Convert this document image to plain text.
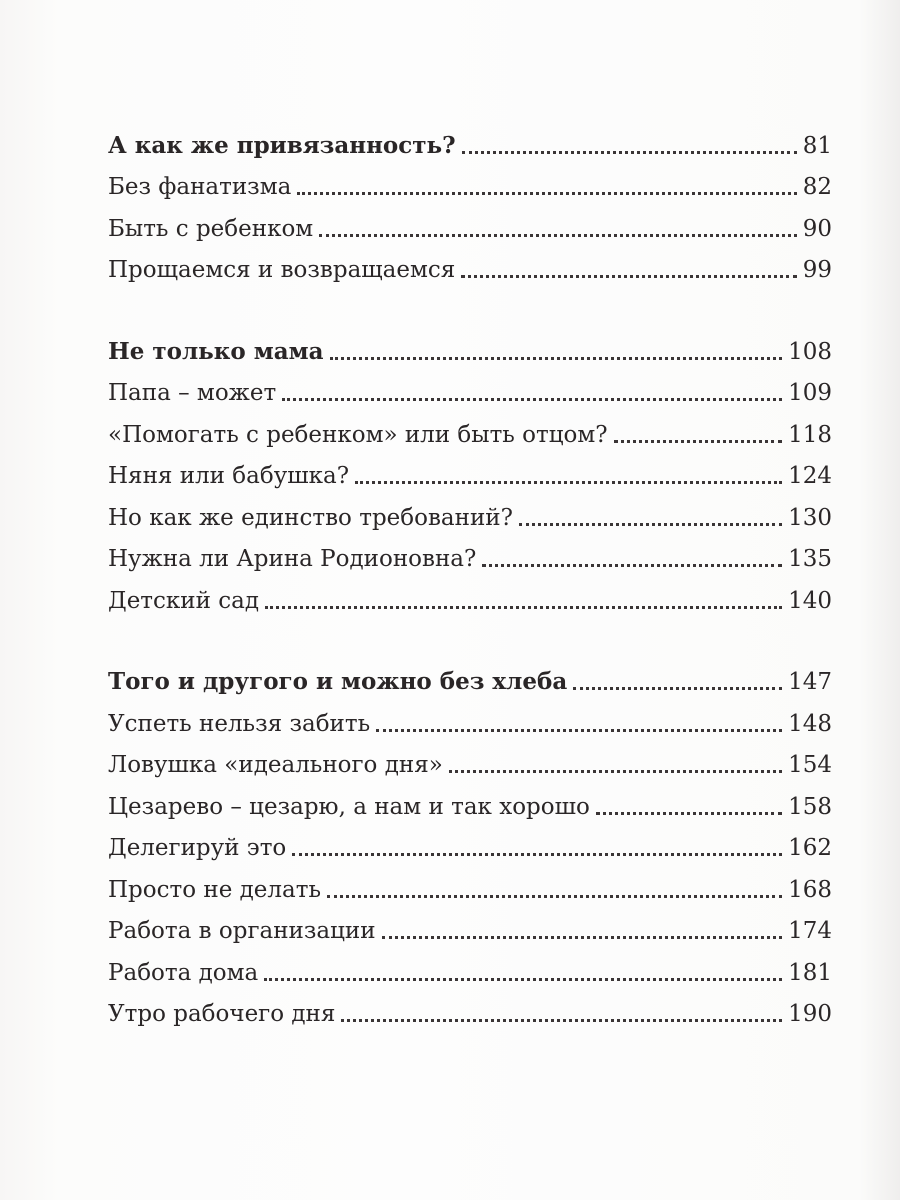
А как же привязанность?	81
Без фанатизма	82
Быть с ребенком	90
Прощаемся и возвращаемся	99
Не только мама	108
Папа – может	109
«Помогать с ребенком» или быть отцом?	118
Няня или бабушка?	124
Но как же единство требований?	130
Нужна ли Арина Родионовна?	135
Детский сад	140
Того и другого и можно без хлеба	147
Успеть нельзя забить	148
Ловушка «идеального дня»	154
Цезарево – цезарю, а нам и так хорошо	158
Делегируй это	162
Просто не делать	168
Работа в организации	174
Работа дома	181
Утро рабочего дня	190
